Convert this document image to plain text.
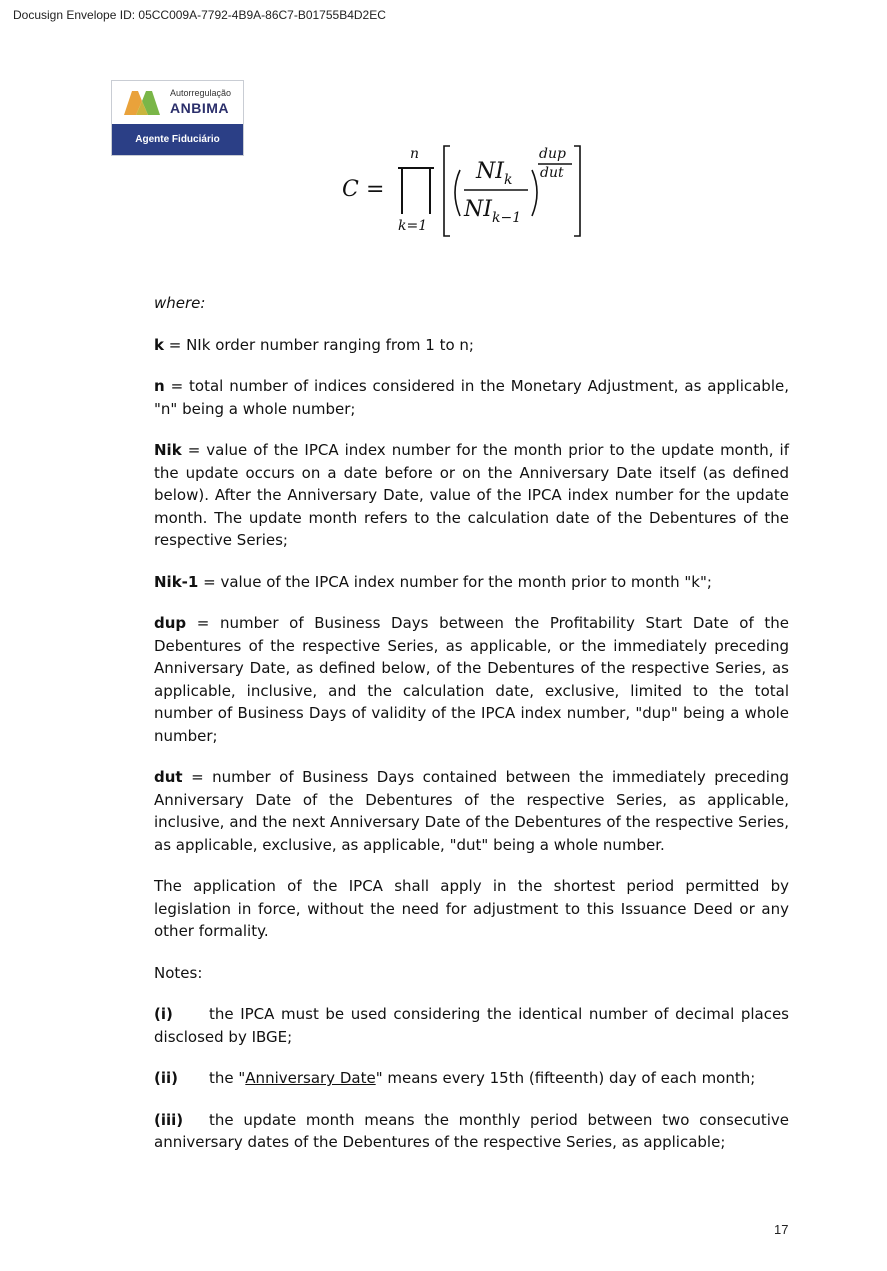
Docusign Envelope ID: 05CC009A-7792-4B9A-86C7-B01755B4D2EC
Autorregulação
ANBIMA
Agente Fiduciário
C =
n
k=1
NI k
NI k−1
dup
dut

where:

k = NIk order number ranging from 1 to n;

n = total number of indices considered in the Monetary Adjustment, as applicable, "n" being a whole number;

Nik = value of the IPCA index number for the month prior to the update month, if the update occurs on a date before or on the Anniversary Date itself (as defined below). After the Anniversary Date, value of the IPCA index number for the update month. The update month refers to the calculation date of the Debentures of the respective Series;

Nik-1 = value of the IPCA index number for the month prior to month "k";

dup = number of Business Days between the Profitability Start Date of the Debentures of the respective Series, as applicable, or the immediately preceding Anniversary Date, as defined below, of the Debentures of the respective Series, as applicable, inclusive, and the calculation date, exclusive, limited to the total number of Business Days of validity of the IPCA index number, "dup" being a whole number;

dut = number of Business Days contained between the immediately preceding Anniversary Date of the Debentures of the respective Series, as applicable, inclusive, and the next Anniversary Date of the Debentures of the respective Series, as applicable, exclusive, as applicable, "dut" being a whole number.

The application of the IPCA shall apply in the shortest period permitted by legislation in force, without the need for adjustment to this Issuance Deed or any other formality.

Notes:

(i) the IPCA must be used considering the identical number of decimal places disclosed by IBGE;

(ii) the "Anniversary Date" means every 15th (fifteenth) day of each month;

(iii) the update month means the monthly period between two consecutive anniversary dates of the Debentures of the respective Series, as applicable;

17
